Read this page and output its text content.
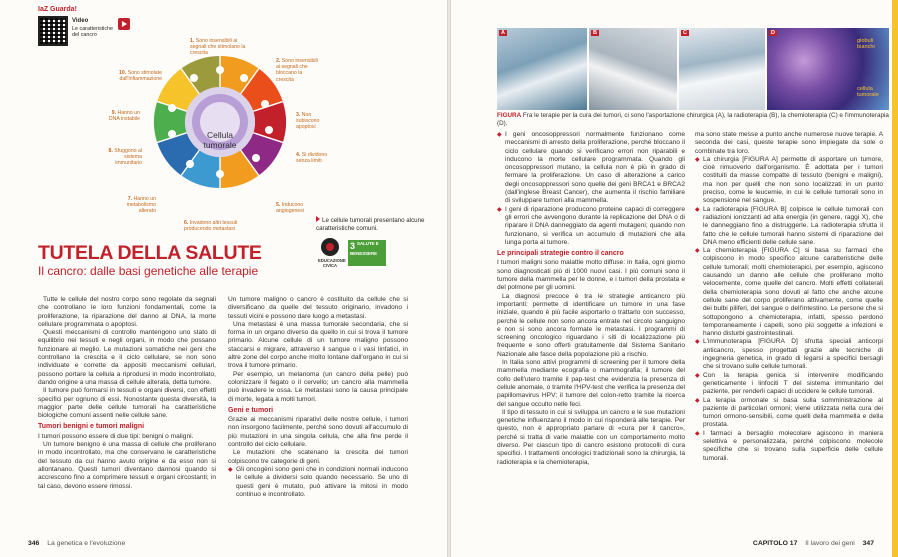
IaZ Guarda!
Video
Le caratteristiche del cancro
Cellula tumorale
1. Sono insensibili ai segnali che stimolano la crescita
2. Sono insensibili ai segnali che bloccano la crescita
3. Non subiscono apoptosi
4. Si dividono senza limiti
5. Inducono angiogenesi
6. Invadono altri tessuti producendo metastasi
7. Hanno un metabolismo alterato
8. Sfuggono al sistema immunitario
9. Hanno un DNA instabile
10. Sono stimolate dall'infiammazione
Le cellule tumorali presentano alcune caratteristiche comuni.
EDUCAZIONE CIVICA
3 SALUTE E BENESSERE
TUTELA DELLA SALUTE
Il cancro: dalle basi genetiche alle terapie

Tutte le cellule del nostro corpo sono regolate da segnali che controllano le loro funzioni fondamentali, come la proliferazione, la riparazione del danno al DNA, la morte cellulare programmata o apoptosi.

Questi meccanismi di controllo mantengono uno stato di equilibrio nei tessuti e negli organi, in modo che possano funzionare al meglio. Le mutazioni somatiche nei geni che controllano la crescita e il ciclo cellulare, se non sono individuate e corrette da appositi meccanismi cellulari, possono portare la cellula a riprodursi in modo incontrollato, dando origine a una massa di cellule alterata, detta tumore.

Il tumore può formarsi in tessuti e organi diversi, con effetti specifici per ognuno di essi. Nonostante questa diversità, la maggior parte delle cellule tumorali ha caratteristiche biologiche comuni assenti nelle cellule sane.

Tumori benigni e tumori maligni

I tumori possono essere di due tipi: benigni o maligni.

Un tumore benigno è una massa di cellule che proliferano in modo incontrollato, ma che conservano le caratteristiche del tessuto da cui hanno avuto origine e da esso non si allontanano. Questi tumori diventano dannosi quando si accrescono fino a comprimere tessuti e organi circostanti; in tal caso, devono essere rimossi.

Un tumore maligno o cancro è costituito da cellule che si diversificano da quelle del tessuto originario, invadono i tessuti vicini e possono dare luogo a metastasi.

Una metastasi è una massa tumorale secondaria, che si forma in un organo diverso da quello in cui si trova il tumore primario. Alcune cellule di un tumore maligno possono staccarsi e migrare, attraverso il sangue o i vasi linfatici, in altre zone del corpo anche molto lontane dall'organo in cui si trova il tumore primario.

Per esempio, un melanoma (un cancro della pelle) può colonizzare il fegato o il cervello; un cancro alla mammella può invadere le ossa. Le metastasi sono la causa principale di morte, legata a molti tumori.

Geni e tumori

Grazie ai meccanismi riparativi delle nostre cellule, i tumori non insorgono facilmente, perché sono dovuti all'accumulo di più mutazioni in una singola cellula, che alla fine perde il controllo del ciclo cellulare.

Le mutazioni che scatenano la crescita dei tumori colpiscono tre categorie di geni.

◆ Gli oncogèni sono geni che in condizioni normali inducono le cellule a dividersi solo quando necessario. Se uno di questi geni è mutato, può attivare la mitosi in modo continuo e incontrollato.

346 La genetica e l'evoluzione
A	B	C	D
globuli bianchi
cellula tumorale
FIGURA Fra le terapie per la cura dei tumori, ci sono l'asportazione chirurgica (A), la radioterapia (B), la chemioterapia (C) e l'immunoterapia (D).

◆ I geni oncosoppressori normalmente funzionano come meccanismi di arresto della proliferazione, perché bloccano il ciclo cellulare quando si verificano errori non riparabili e inducono la morte cellulare programmata. Quando gli oncosoppressori mutano, la cellula non è più in grado di fermare la proliferazione. Un caso di alterazione a carico degli oncosoppressori sono quelle dei geni BRCA1 e BRCA2 (dall'inglese Breast Cancer), che aumenta il rischio familiare di sviluppare tumori alla mammella.

◆ I geni di riparazione producono proteine capaci di correggere gli errori che avvengono durante la replicazione del DNA o di riparare il DNA danneggiato da agenti mutageni; quando non funzionano, si verifica un accumulo di mutazioni che alla lunga porta al tumore.

Le principali strategie contro il cancro

I tumori maligni sono malattie molto diffuse: in Italia, ogni giorno sono diagnosticati più di 1000 nuovi casi. I più comuni sono il tumore della mammella per le donne, e i tumori della prostata e del polmone per gli uomini.

La diagnosi precoce è tra le strategie anticancro più importanti: permette di identificare un tumore in una fase iniziale, quando è più facile asportarlo o trattarlo con successo, perché le cellule non sono ancora entrate nel circolo sanguigno e non si sono ancora formate le metastasi. I programmi di screening oncologico riguardano i siti di localizzazione più frequente e sono offerti gratuitamente dal Sistema Sanitario Nazionale alle fasce della popolazione più a rischio.

In Italia sono attivi programmi di screening per il tumore della mammella mediante ecografia o mammografia; il tumore del collo dell'utero tramite il pap-test che evidenzia la presenza di cellule anomale, o tramite l'HPV-test che verifica la presenza del papillomavirus HPV; il tumore del colon-retto tramite la ricerca del sangue occulto nelle feci.

Il tipo di tessuto in cui si sviluppa un cancro e le sue mutazioni genetiche influenzano il modo in cui risponderà alle terapie. Per questo, non è appropriato parlare di «cura per il cancro», perché si tratta di varie malattie con un comportamento molto diverso. Per ciascun tipo di cancro esistono protocolli di cura specifici. I trattamenti oncologici tradizionali sono la chirurgia, la radioterapia e la chemioterapia,

ma sono state messe a punto anche numerose nuove terapie. A seconda dei casi, queste terapie sono impiegate da sole o combinate tra loro.

◆ La chirurgia [FIGURA A] permette di asportare un tumore, cioè rimuoverlo dall'organismo. È adottata per i tumori costituiti da masse compatte di tessuto (benigni e maligni), ma non per quelli che non sono localizzati in un punto preciso, come le leucemie, in cui le cellule tumorali sono in sospensione nel sangue.

◆ La radioterapia [FIGURA B] colpisce le cellule tumorali con radiazioni ionizzanti ad alta energia (in genere, raggi X), che le danneggiano fino a distruggerle. La radioterapia sfrutta il fatto che le cellule tumorali hanno sistemi di riparazione del DNA meno efficienti delle cellule sane.

◆ La chemioterapia [FIGURA C] si basa su farmaci che colpiscono in modo specifico alcune caratteristiche delle cellule tumorali: molti chemioterapici, per esempio, agiscono causando un danno alle cellule che proliferano molto velocemente, come quelle del cancro. Molti effetti collaterali della chemioterapia sono dovuti al fatto che anche alcune cellule sane del corpo proliferano attivamente, come quelle dei bulbi piliferi, del sangue o dell'intestino. Le persone che si sottopongono a chemioterapia, infatti, spesso perdono temporaneamente i capelli, sono più soggette a infezioni e hanno disturbi gastrointestinali.

◆ L'immunoterapia [FIGURA D] sfrutta speciali anticorpi anticancro, spesso progettati grazie alle tecniche di ingegneria genetica, in grado di legarsi a specifici bersagli che si trovano sulle cellule tumorali.

◆ Con la terapia genica si intervenire modificando geneticamente i linfociti T del sistema immunitario del paziente, per renderli capaci di uccidere le cellule tumorali.

◆ La terapia ormonale si basa sulla somministrazione al paziente di particolari ormoni; viene utilizzata nella cura dei tumori ormono-sensibili, come quelli della mammella e della prostata.

◆ I farmaci a bersaglio molecolare agiscono in maniera selettiva e personalizzata, perché colpiscono molecole specifiche che si trovano sulla superficie delle cellule tumorali.

CAPITOLO 17 Il lavoro dei geni 347
